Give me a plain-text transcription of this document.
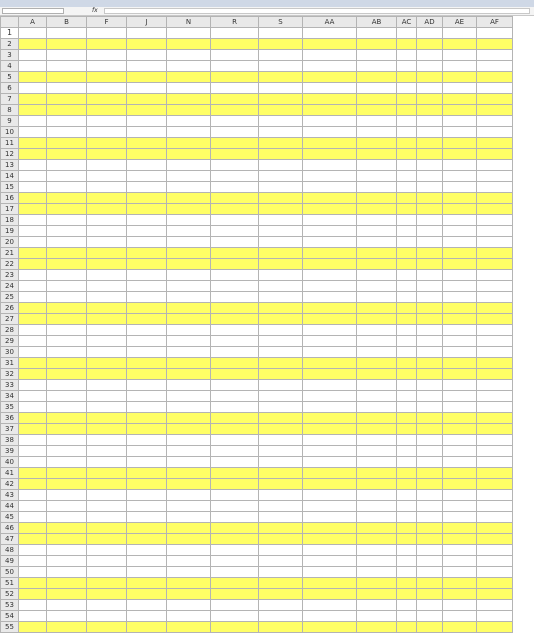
fx
	A	B	F	J	N	R	S	AA	AB	AC	AD	AE	AF
1													
2													
3													
4													
5													
6													
7													
8													
9													
10													
11													
12													
13													
14													
15													
16													
17													
18													
19													
20													
21													
22													
23													
24													
25													
26													
27													
28													
29													
30													
31													
32													
33													
34													
35													
36													
37													
38													
39													
40													
41													
42													
43													
44													
45													
46													
47													
48													
49													
50													
51													
52													
53													
54													
55													
